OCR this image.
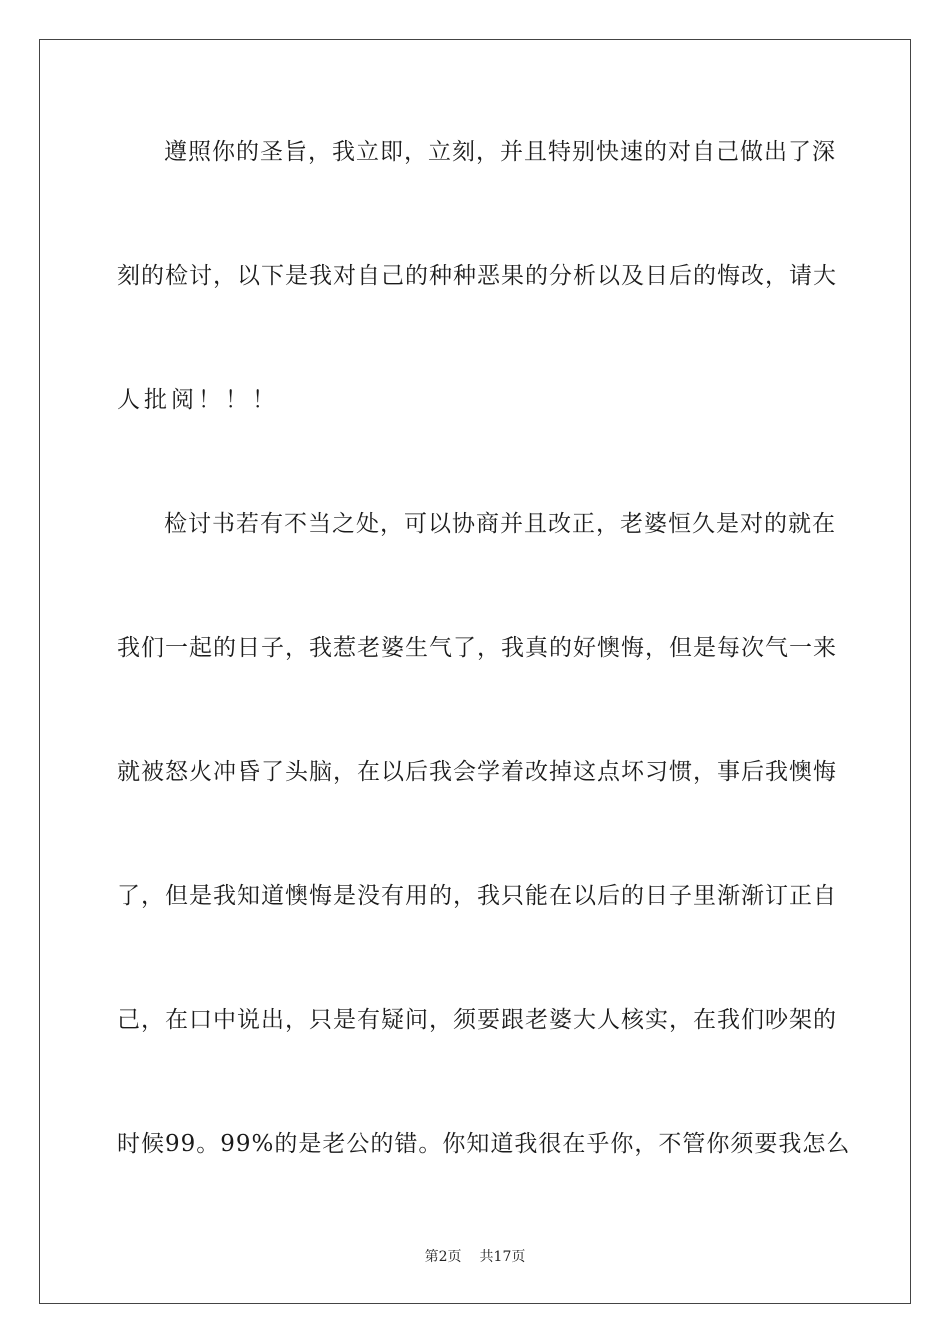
遵照你的圣旨，我立即，立刻，并且特别快速的对自己做出了深
刻的检讨，以下是我对自己的种种恶果的分析以及日后的悔改，请大
人批阅！！！
检讨书若有不当之处，可以协商并且改正，老婆恒久是对的就在
我们一起的日子，我惹老婆生气了，我真的好懊悔，但是每次气一来
就被怒火冲昏了头脑，在以后我会学着改掉这点坏习惯，事后我懊悔
了，但是我知道懊悔是没有用的，我只能在以后的日子里渐渐订正自
己，在口中说出，只是有疑问，须要跟老婆大人核实，在我们吵架的
时候99。99%的是老公的错。你知道我很在乎你，不管你须要我怎么
第2页 共17页
